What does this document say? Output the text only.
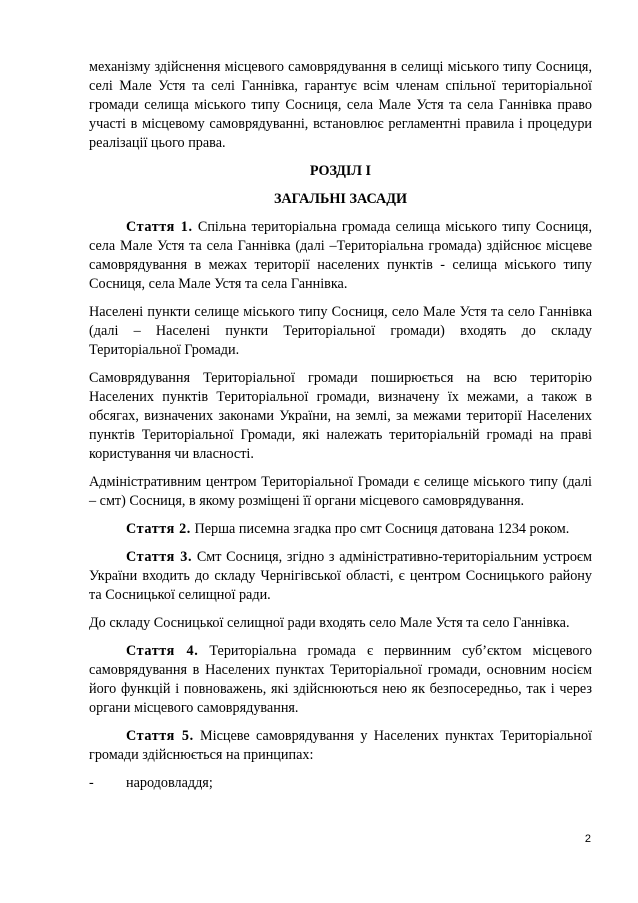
механізму здійснення місцевого самоврядування в селищі міського типу Сосниця, селі Мале Устя та селі Ганнівка, гарантує всім членам спільної територіальної громади селища міського типу Сосниця, села Мале Устя та села Ганнівка право участі в місцевому самоврядуванні, встановлює регламентні правила і процедури реалізації цього права.

РОЗДІЛ І

ЗАГАЛЬНІ ЗАСАДИ

Стаття 1. Спільна територіальна громада селища міського типу Сосниця, села Мале Устя та села Ганнівка (далі –Територіальна громада) здійснює місцеве самоврядування в межах території населених пунктів - селища міського типу Сосниця, села Мале Устя та села Ганнівка.

Населені пункти селище міського типу Сосниця, село Мале Устя та село Ганнівка (далі – Населені пункти Територіальної громади) входять до складу Територіальної Громади.

Самоврядування Територіальної громади поширюється на всю територію Населених пунктів Територіальної громади, визначену їх межами, а також в обсягах, визначених законами України, на землі, за межами території Населених пунктів Територіальної Громади, які належать територіальній громаді на праві користування чи власності.

Адміністративним центром Територіальної Громади є селище міського типу (далі – смт) Сосниця, в якому розміщені її органи місцевого самоврядування.

Стаття 2. Перша писемна згадка про смт Сосниця датована 1234 роком.

Стаття 3. Смт Сосниця, згідно з адміністративно-територіальним устроєм України входить до складу Чернігівської області, є центром Сосницького району та Сосницької селищної ради.

До складу Сосницької селищної ради входять село Мале Устя та село Ганнівка.

Стаття 4. Територіальна громада є первинним суб’єктом місцевого самоврядування в Населених пунктах Територіальної громади, основним носієм його функцій і повноважень, які здійснюються нею як безпосередньо, так і через органи місцевого самоврядування.

Стаття 5. Місцеве самоврядування у Населених пунктах Територіальної громади здійснюється на принципах:

-	народовладдя;
2
